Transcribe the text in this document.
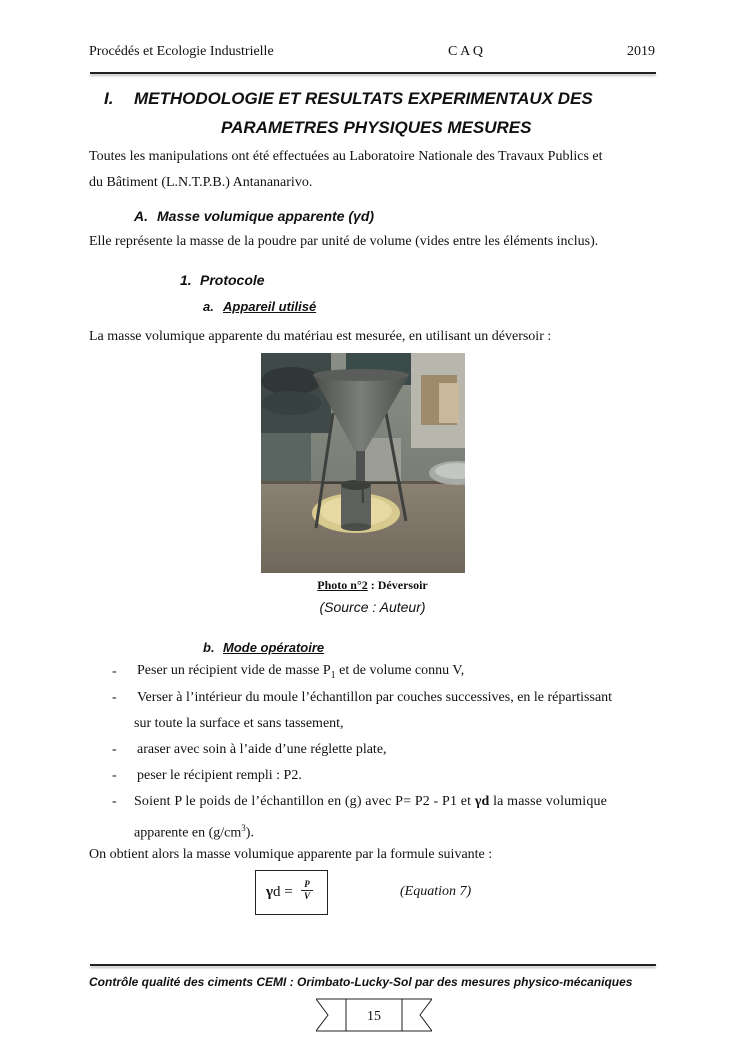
Procédés et Ecologie Industrielle	C A Q	2019
I. METHODOLOGIE ET RESULTATS EXPERIMENTAUX DES
PARAMETRES PHYSIQUES MESURES
Toutes les manipulations ont été effectuées au Laboratoire Nationale des Travaux Publics et
du Bâtiment (L.N.T.P.B.) Antananarivo.
A. Masse volumique apparente (γd)
Elle représente la masse de la poudre par unité de volume (vides entre les éléments inclus).
1. Protocole
a. Appareil utilisé
La masse volumique apparente du matériau est mesurée, en utilisant un déversoir :
Photo n°2 : Déversoir
(Source : Auteur)
b. Mode opératoire
- Peser un récipient vide de masse $P_1$ et de volume connu V,
- Verser à l’intérieur du moule l’échantillon par couches successives, en le répartissant
sur toute la surface et sans tassement,
- araser avec soin à l’aide d’une réglette plate,
- peser le récipient rempli : P2.
- Soient P le poids de l’échantillon en (g) avec P= P2 - P1 et γd la masse volumique
apparente en $(g/cm^3)$.
On obtient alors la masse volumique apparente par la formule suivante :
$\gamma d = \frac{P}{V}$	(Equation 7)
Contrôle qualité des ciments CEMI : Orimbato-Lucky-Sol par des mesures physico-mécaniques
15
